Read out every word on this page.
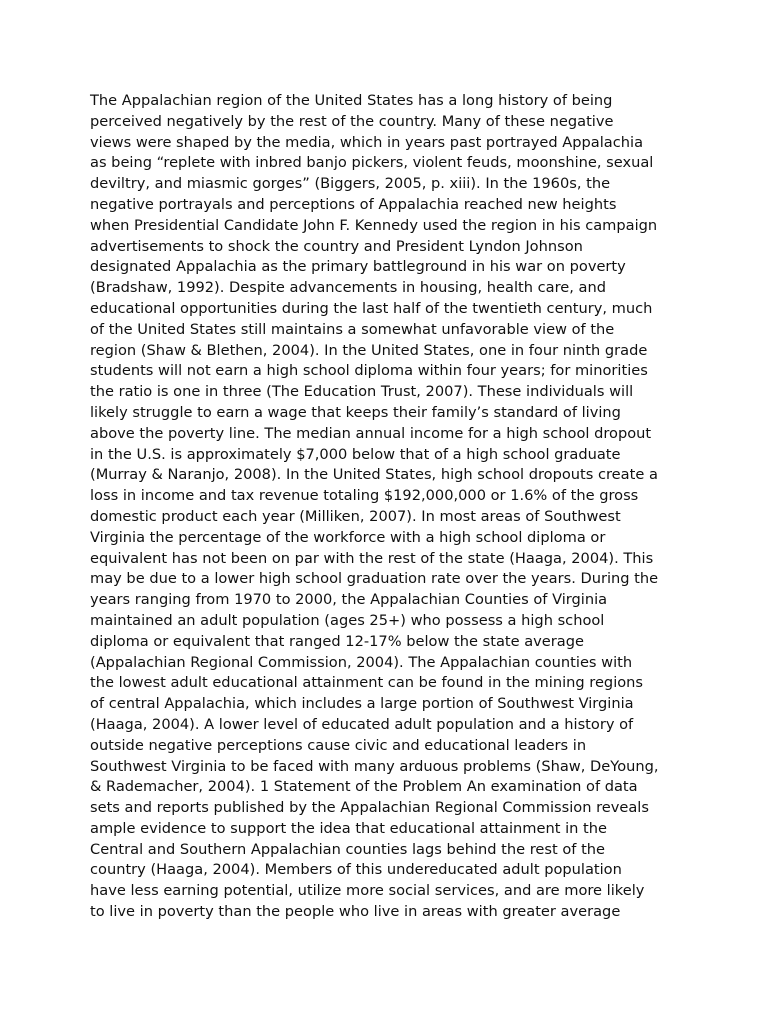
The Appalachian region of the United States has a long history of being
perceived negatively by the rest of the country. Many of these negative
views were shaped by the media, which in years past portrayed Appalachia
as being “replete with inbred banjo pickers, violent feuds, moonshine, sexual
deviltry, and miasmic gorges” (Biggers, 2005, p. xiii). In the 1960s, the
negative portrayals and perceptions of Appalachia reached new heights
when Presidential Candidate John F. Kennedy used the region in his campaign
advertisements to shock the country and President Lyndon Johnson
designated Appalachia as the primary battleground in his war on poverty
(Bradshaw, 1992). Despite advancements in housing, health care, and
educational opportunities during the last half of the twentieth century, much
of the United States still maintains a somewhat unfavorable view of the
region (Shaw & Blethen, 2004). In the United States, one in four ninth grade
students will not earn a high school diploma within four years; for minorities
the ratio is one in three (The Education Trust, 2007). These individuals will
likely struggle to earn a wage that keeps their family’s standard of living
above the poverty line. The median annual income for a high school dropout
in the U.S. is approximately $7,000 below that of a high school graduate
(Murray & Naranjo, 2008). In the United States, high school dropouts create a
loss in income and tax revenue totaling $192,000,000 or 1.6% of the gross
domestic product each year (Milliken, 2007). In most areas of Southwest
Virginia the percentage of the workforce with a high school diploma or
equivalent has not been on par with the rest of the state (Haaga, 2004). This
may be due to a lower high school graduation rate over the years. During the
years ranging from 1970 to 2000, the Appalachian Counties of Virginia
maintained an adult population (ages 25+) who possess a high school
diploma or equivalent that ranged 12-17% below the state average
(Appalachian Regional Commission, 2004). The Appalachian counties with
the lowest adult educational attainment can be found in the mining regions
of central Appalachia, which includes a large portion of Southwest Virginia
(Haaga, 2004). A lower level of educated adult population and a history of
outside negative perceptions cause civic and educational leaders in
Southwest Virginia to be faced with many arduous problems (Shaw, DeYoung,
& Rademacher, 2004). 1 Statement of the Problem An examination of data
sets and reports published by the Appalachian Regional Commission reveals
ample evidence to support the idea that educational attainment in the
Central and Southern Appalachian counties lags behind the rest of the
country (Haaga, 2004). Members of this undereducated adult population
have less earning potential, utilize more social services, and are more likely
to live in poverty than the people who live in areas with greater average
